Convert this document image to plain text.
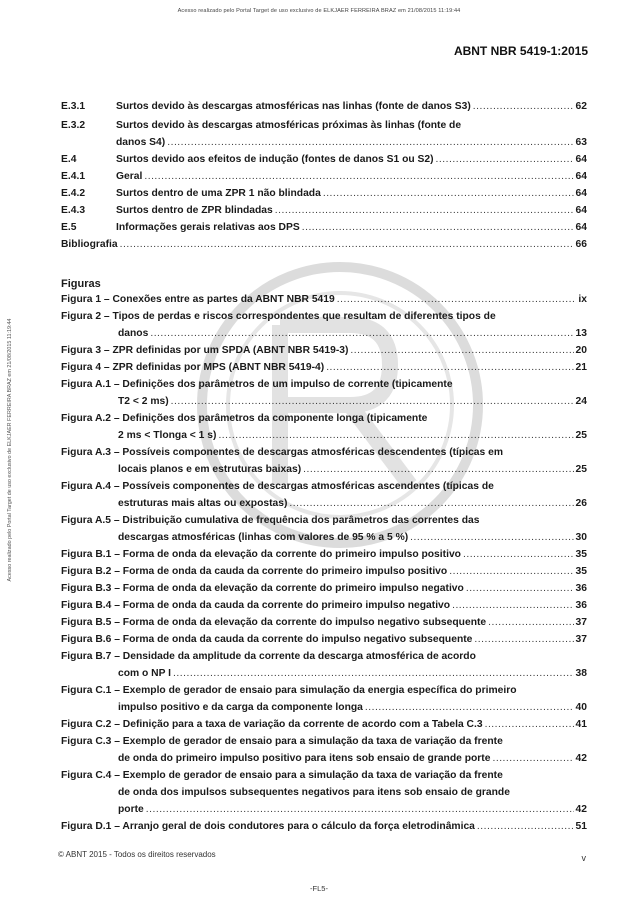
Acesso realizado pelo Portal Target de uso exclusivo de ELKJAER FERREIRA BRAZ em 21/08/2015 11:19:44
Acesso realizado pelo Portal Target de uso exclusivo de ELKJAER FERREIRA BRAZ em 21/08/2015 11:19:44
ABNT NBR 5419-1:2015
E.3.1	Surtos devido às descargas atmosféricas nas linhas (fonte de danos S3) .....	62
E.3.2	Surtos devido às descargas atmosféricas próximas às linhas (fonte de
danos S4) .....	63
E.4	Surtos devido aos efeitos de indução (fontes de danos S1 ou S2) .....	64
E.4.1	Geral .....	64
E.4.2	Surtos dentro de uma ZPR 1 não blindada .....	64
E.4.3	Surtos dentro de ZPR blindadas .....	64
E.5	Informações gerais relativas aos DPS .....	64
Bibliografia .....	66
Figuras
Figura 1 – Conexões entre as partes da ABNT NBR 5419 .....	ix
Figura 2 – Tipos de perdas e riscos correspondentes que resultam de diferentes tipos de
danos .....	13
Figura 3 – ZPR definidas por um SPDA (ABNT NBR 5419-3) .....	20
Figura 4 – ZPR definidas por MPS (ABNT NBR 5419-4) .....	21
Figura A.1 – Definições dos parâmetros de um impulso de corrente (tipicamente
T2 < 2 ms) .....	24
Figura A.2 – Definições dos parâmetros da componente longa (tipicamente
2 ms < Tlonga < 1 s) .....	25
Figura A.3 – Possíveis componentes de descargas atmosféricas descendentes (típicas em
locais planos e em estruturas baixas) .....	25
Figura A.4 – Possíveis componentes de descargas atmosféricas ascendentes (típicas de
estruturas mais altas ou expostas) .....	26
Figura A.5 – Distribuição cumulativa de frequência dos parâmetros das correntes das
descargas atmosféricas (linhas com valores de 95 % a 5 %) .....	30
Figura B.1 – Forma de onda da elevação da corrente do primeiro impulso positivo .....	35
Figura B.2 – Forma de onda da cauda da corrente do primeiro impulso positivo .....	35
Figura B.3 – Forma de onda da elevação da corrente do primeiro impulso negativo .....	36
Figura B.4 – Forma de onda da cauda da corrente do primeiro impulso negativo .....	36
Figura B.5 – Forma de onda da elevação da corrente do impulso negativo subsequente .....	37
Figura B.6 – Forma de onda da cauda da corrente do impulso negativo subsequente .....	37
Figura B.7 – Densidade da amplitude da corrente da descarga atmosférica de acordo
com o NP I .....	38
Figura C.1 – Exemplo de gerador de ensaio para simulação da energia específica do primeiro
impulso positivo e da carga da componente longa .....	40
Figura C.2 – Definição para a taxa de variação da corrente de acordo com a Tabela C.3 .....	41
Figura C.3 – Exemplo de gerador de ensaio para a simulação da taxa de variação da frente
de onda do primeiro impulso positivo para itens sob ensaio de grande porte .....	42
Figura C.4 – Exemplo de gerador de ensaio para a simulação da taxa de variação da frente
de onda dos impulsos subsequentes negativos para itens sob ensaio de grande
porte .....	42
Figura D.1 – Arranjo geral de dois condutores para o cálculo da força eletrodinâmica .....	51
© ABNT 2015 - Todos os direitos reservados	v
-FL5-
